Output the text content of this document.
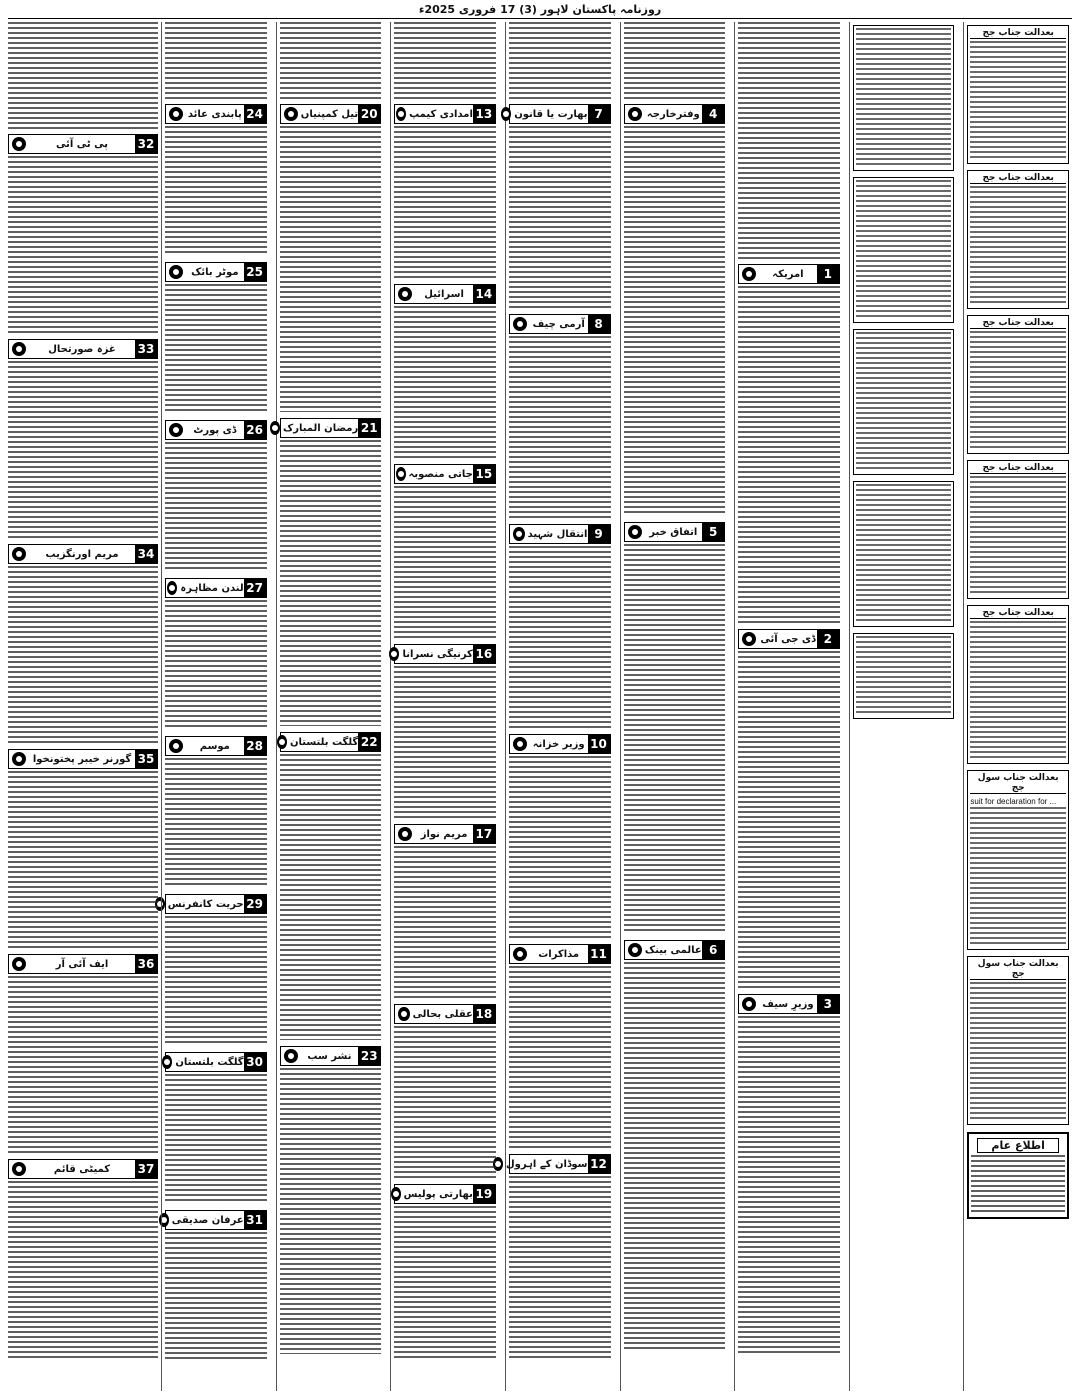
روزنامہ پاکستان لاہور (3) 17 فروری 2025ء
بعدالت جناب جج
بعدالت جناب جج
بعدالت جناب جج
بعدالت جناب جج
بعدالت جناب جج
بعدالت جناب سول جج
suit for declaration for ...
بعدالت جناب سول جج
اطلاع عام
1
امریکہ
2
ڈی جی آئی
3
وزیرِ سیف
4
وفترخارجہ
5
اتفاق خبر
6
عالمی بینک
7
بھارت یا قانون
8
آرمی چیف
9
انتقال شہید
10
وزیر خزانہ
11
مذاکرات
12
سوڈان کے اہرول
13
امدادی کیمپ
14
اسرائیل
15
جاتی منصوبہ
16
کرنیگی نسرانا
17
مریم نواز
18
عقلی بحالی
19
بھارتی پولیس
20
تیل کمپنیاں
21
رمضان المبارک
22
گلگت بلتستان
23
نشر سب
24
پابندی عائد
25
موٹر بائک
26
ڈی پورٹ
27
لندن مظاہرہ
28
موسم
29
حریت کانفرنس
30
گلگت بلتستان
31
عرفان صدیقی
32
پی ٹی آئی
33
غزہ صورتحال
34
مریم اورنگزیب
35
گورنر خیبر پختونخوا
36
ایف آئی آر
37
کمیٹی قائم
